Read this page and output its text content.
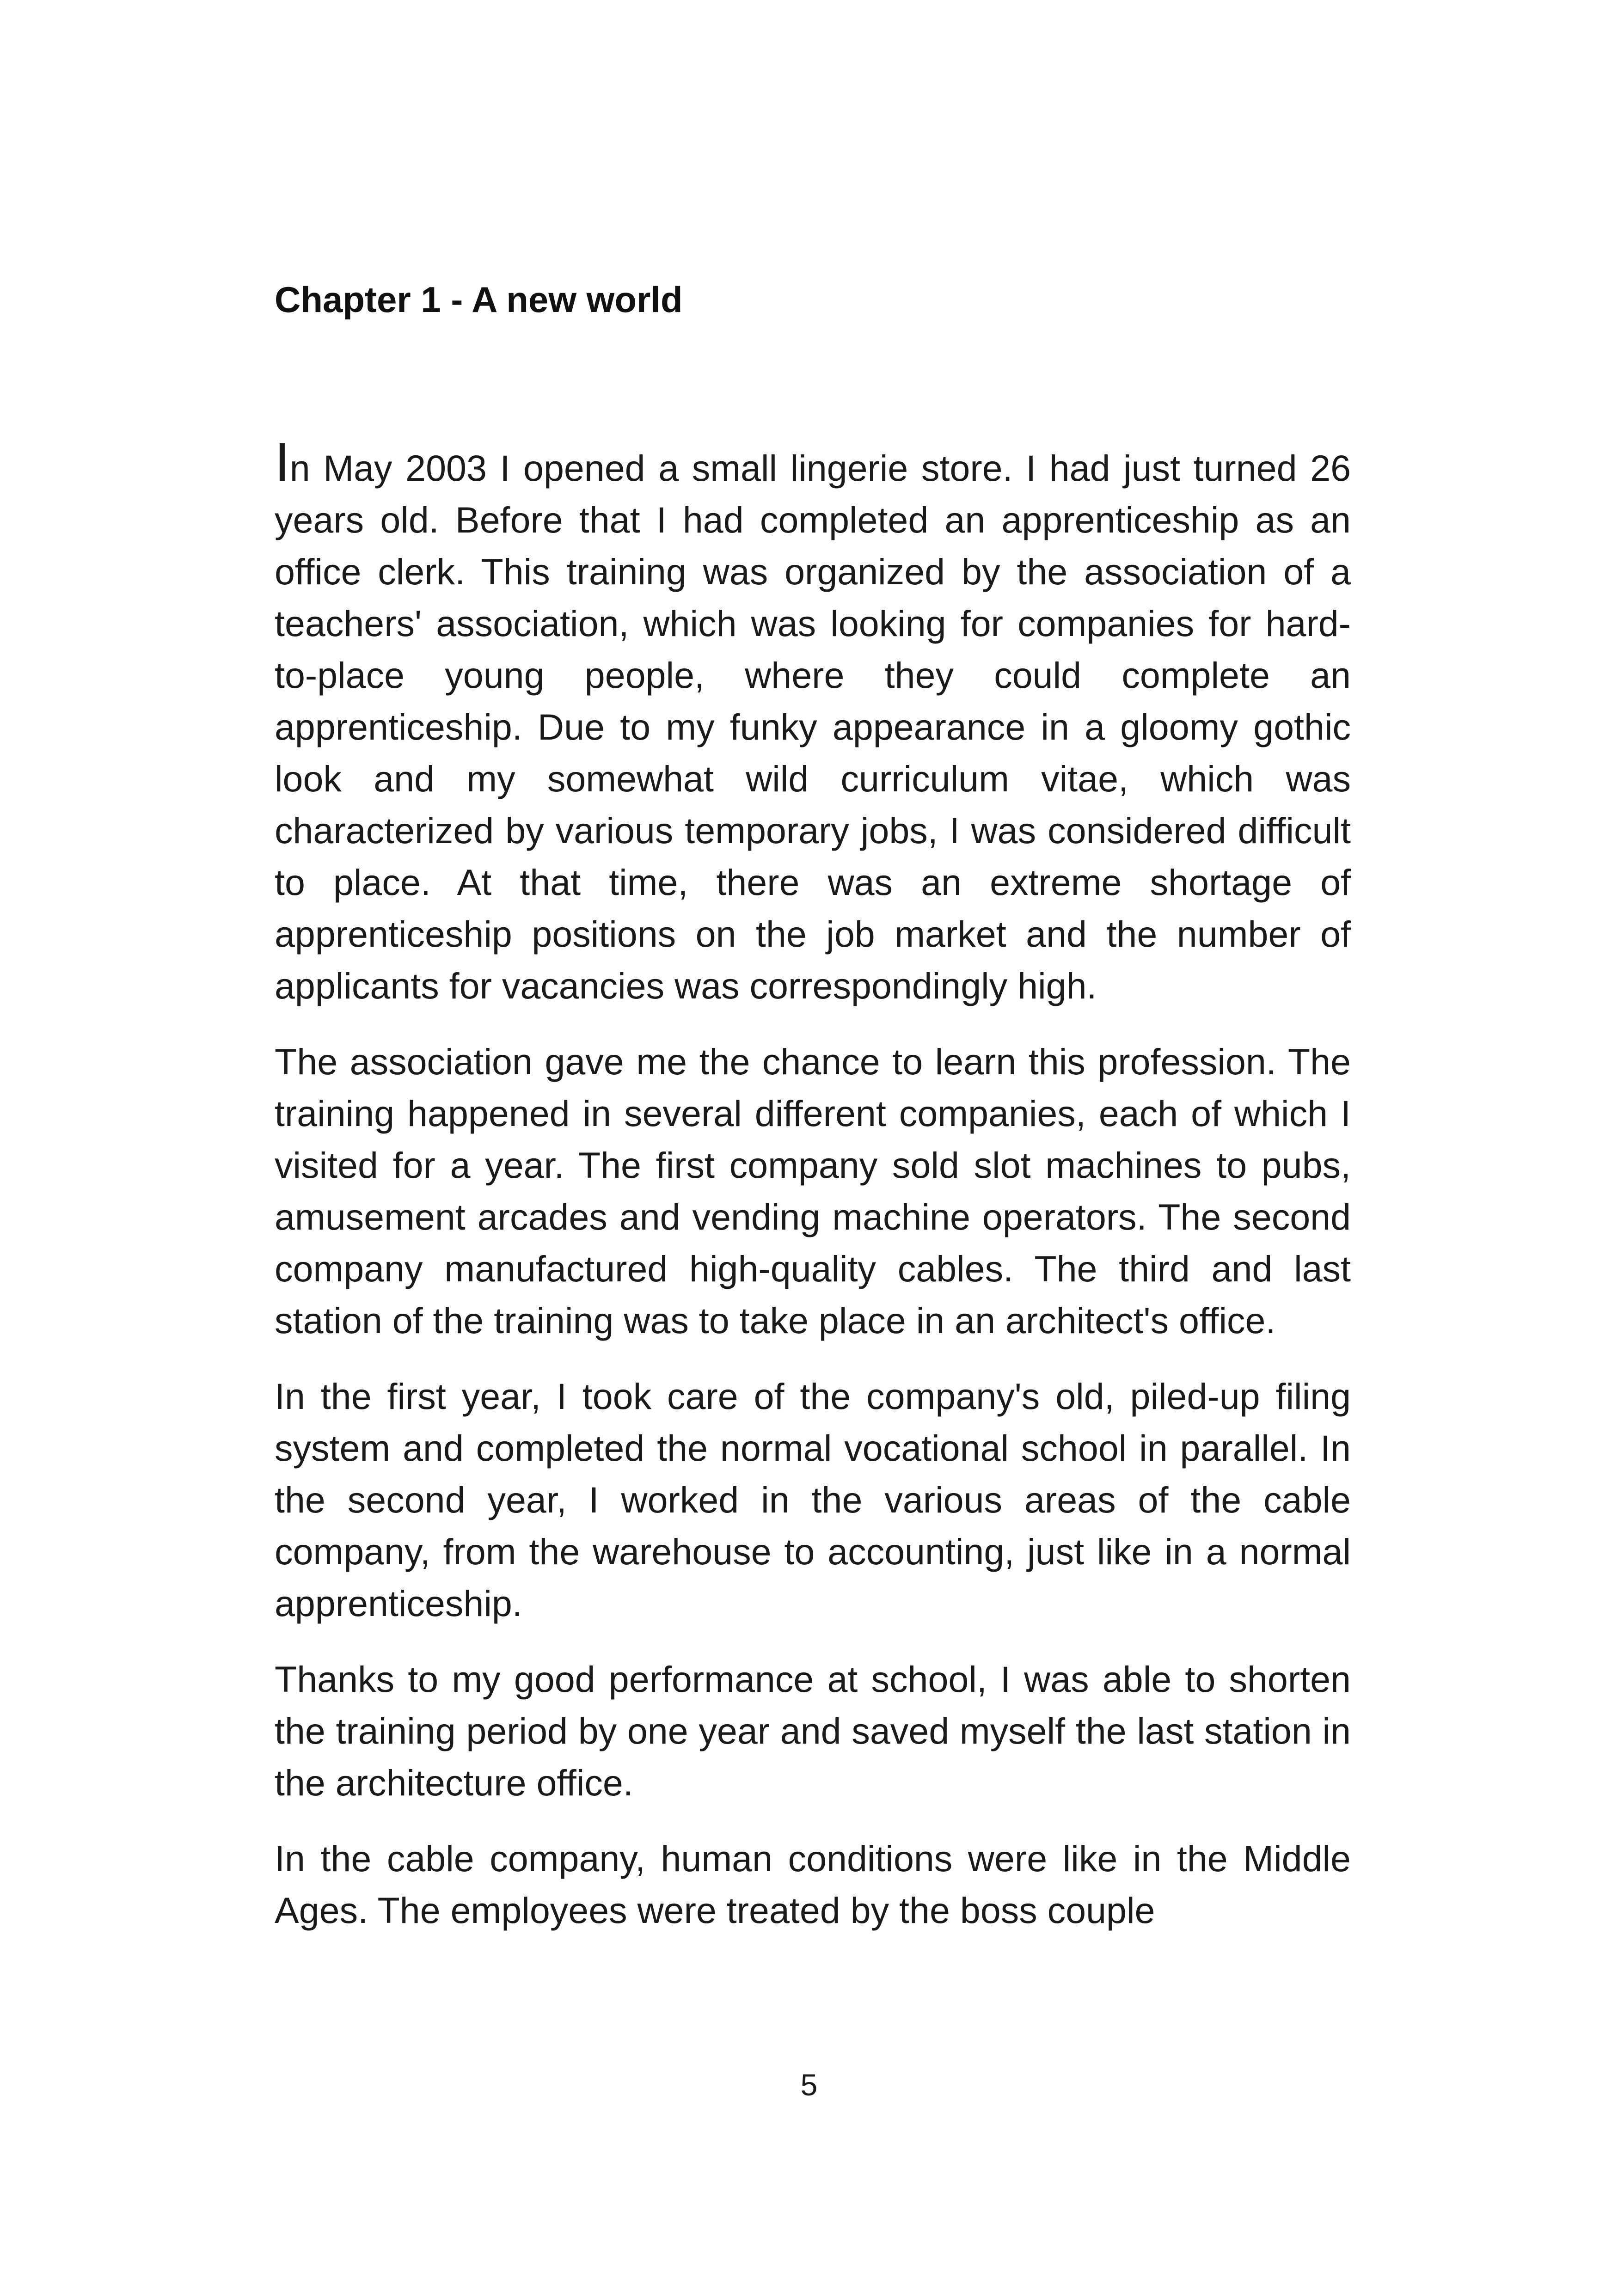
Chapter 1 - A new world

In May 2003 I opened a small lingerie store. I had just turned 26 years old. Before that I had completed an apprenticeship as an office clerk. This training was organized by the association of a teachers' association, which was looking for companies for hard-to-place young people, where they could complete an apprenticeship. Due to my funky appearance in a gloomy gothic look and my somewhat wild curriculum vitae, which was characterized by various temporary jobs, I was considered difficult to place. At that time, there was an extreme shortage of apprenticeship positions on the job market and the number of applicants for vacancies was correspondingly high.

The association gave me the chance to learn this profession. The training happened in several different companies, each of which I visited for a year. The first company sold slot machines to pubs, amusement arcades and vending machine operators. The second company manufactured high-quality cables. The third and last station of the training was to take place in an architect's office.

In the first year, I took care of the company's old, piled-up filing system and completed the normal vocational school in parallel. In the second year, I worked in the various areas of the cable company, from the warehouse to accounting, just like in a normal apprenticeship.

Thanks to my good performance at school, I was able to shorten the training period by one year and saved myself the last station in the architecture office.

In the cable company, human conditions were like in the Middle Ages. The employees were treated by the boss couple

5
